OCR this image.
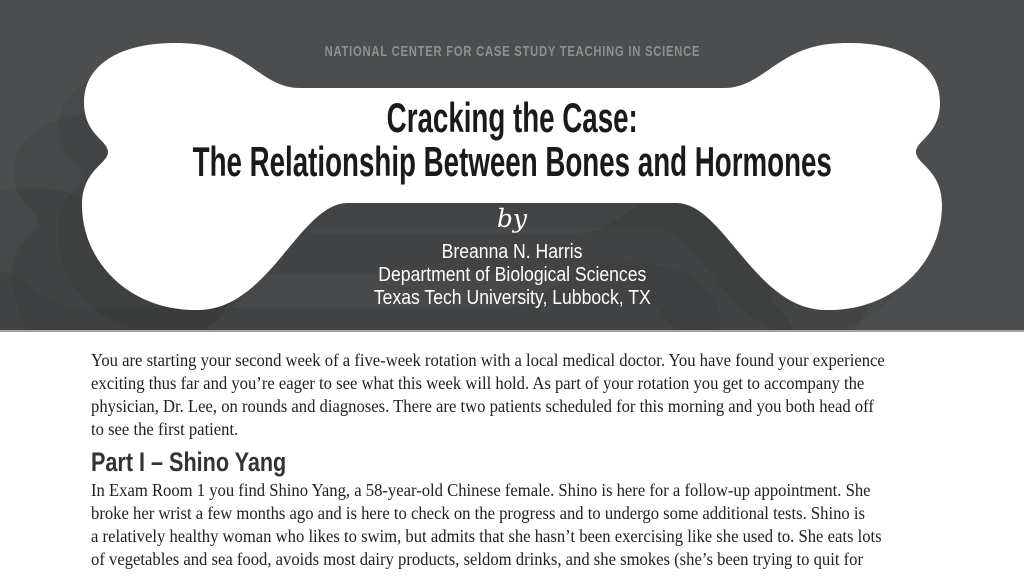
NATIONAL CENTER FOR CASE STUDY TEACHING IN SCIENCE
Cracking the Case:
The Relationship Between Bones and Hormones
by
Breanna N. Harris
Department of Biological Sciences
Texas Tech University, Lubbock, TX
You are starting your second week of a five-week rotation with a local medical doctor. You have found your experience
exciting thus far and you’re eager to see what this week will hold. As part of your rotation you get to accompany the
physician, Dr. Lee, on rounds and diagnoses. There are two patients scheduled for this morning and you both head off
to see the first patient.
Part I – Shino Yang
In Exam Room 1 you find Shino Yang, a 58-year-old Chinese female. Shino is here for a follow-up appointment. She
broke her wrist a few months ago and is here to check on the progress and to undergo some additional tests. Shino is
a relatively healthy woman who likes to swim, but admits that she hasn’t been exercising like she used to. She eats lots
of vegetables and sea food, avoids most dairy products, seldom drinks, and she smokes (she’s been trying to quit for
